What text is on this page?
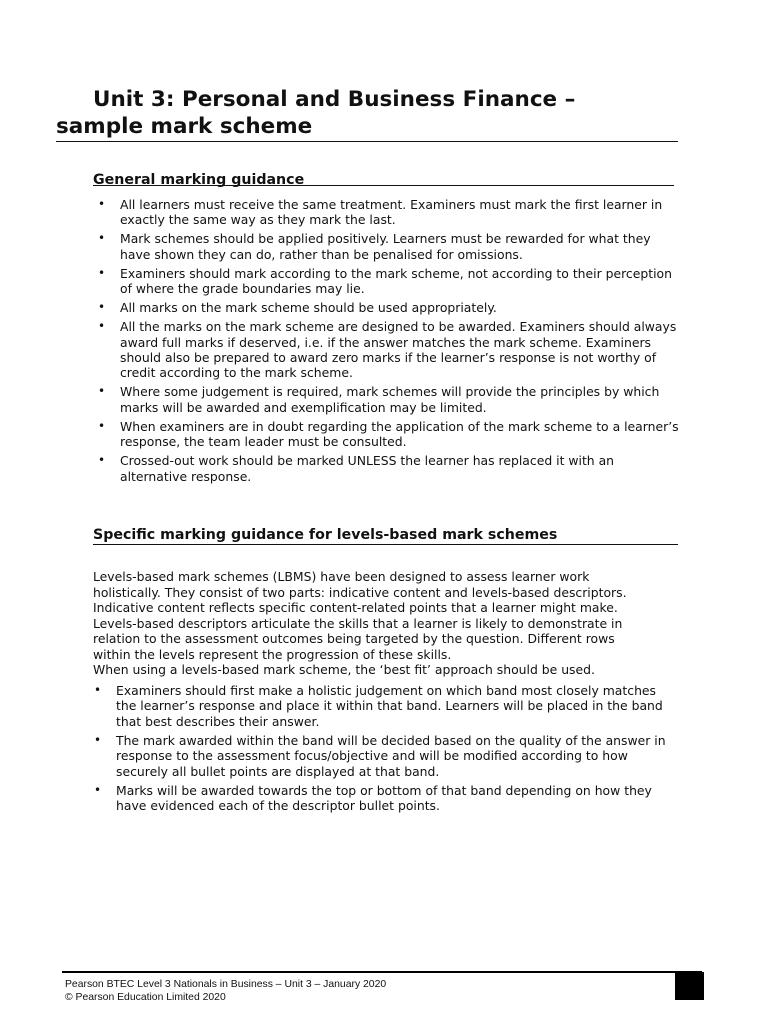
Unit 3: Personal and Business Finance –
sample mark scheme
General marking guidance
• All learners must receive the same treatment. Examiners must mark the first learner in exactly the same way as they mark the last.
• Mark schemes should be applied positively. Learners must be rewarded for what they have shown they can do, rather than be penalised for omissions.
• Examiners should mark according to the mark scheme, not according to their perception of where the grade boundaries may lie.
• All marks on the mark scheme should be used appropriately.
• All the marks on the mark scheme are designed to be awarded. Examiners should always award full marks if deserved, i.e. if the answer matches the mark scheme. Examiners should also be prepared to award zero marks if the learner’s response is not worthy of credit according to the mark scheme.
• Where some judgement is required, mark schemes will provide the principles by which marks will be awarded and exemplification may be limited.
• When examiners are in doubt regarding the application of the mark scheme to a learner’s response, the team leader must be consulted.
• Crossed-out work should be marked UNLESS the learner has replaced it with an alternative response.
Specific marking guidance for levels-based mark schemes
Levels-based mark schemes (LBMS) have been designed to assess learner work
holistically. They consist of two parts: indicative content and levels-based descriptors.
Indicative content reflects specific content-related points that a learner might make.
Levels-based descriptors articulate the skills that a learner is likely to demonstrate in
relation to the assessment outcomes being targeted by the question. Different rows
within the levels represent the progression of these skills.
When using a levels-based mark scheme, the ‘best fit’ approach should be used.
• Examiners should first make a holistic judgement on which band most closely matches the learner’s response and place it within that band. Learners will be placed in the band that best describes their answer.
• The mark awarded within the band will be decided based on the quality of the answer in response to the assessment focus/objective and will be modified according to how securely all bullet points are displayed at that band.
• Marks will be awarded towards the top or bottom of that band depending on how they have evidenced each of the descriptor bullet points.
Pearson BTEC Level 3 Nationals in Business – Unit 3 – January 2020
© Pearson Education Limited 2020
